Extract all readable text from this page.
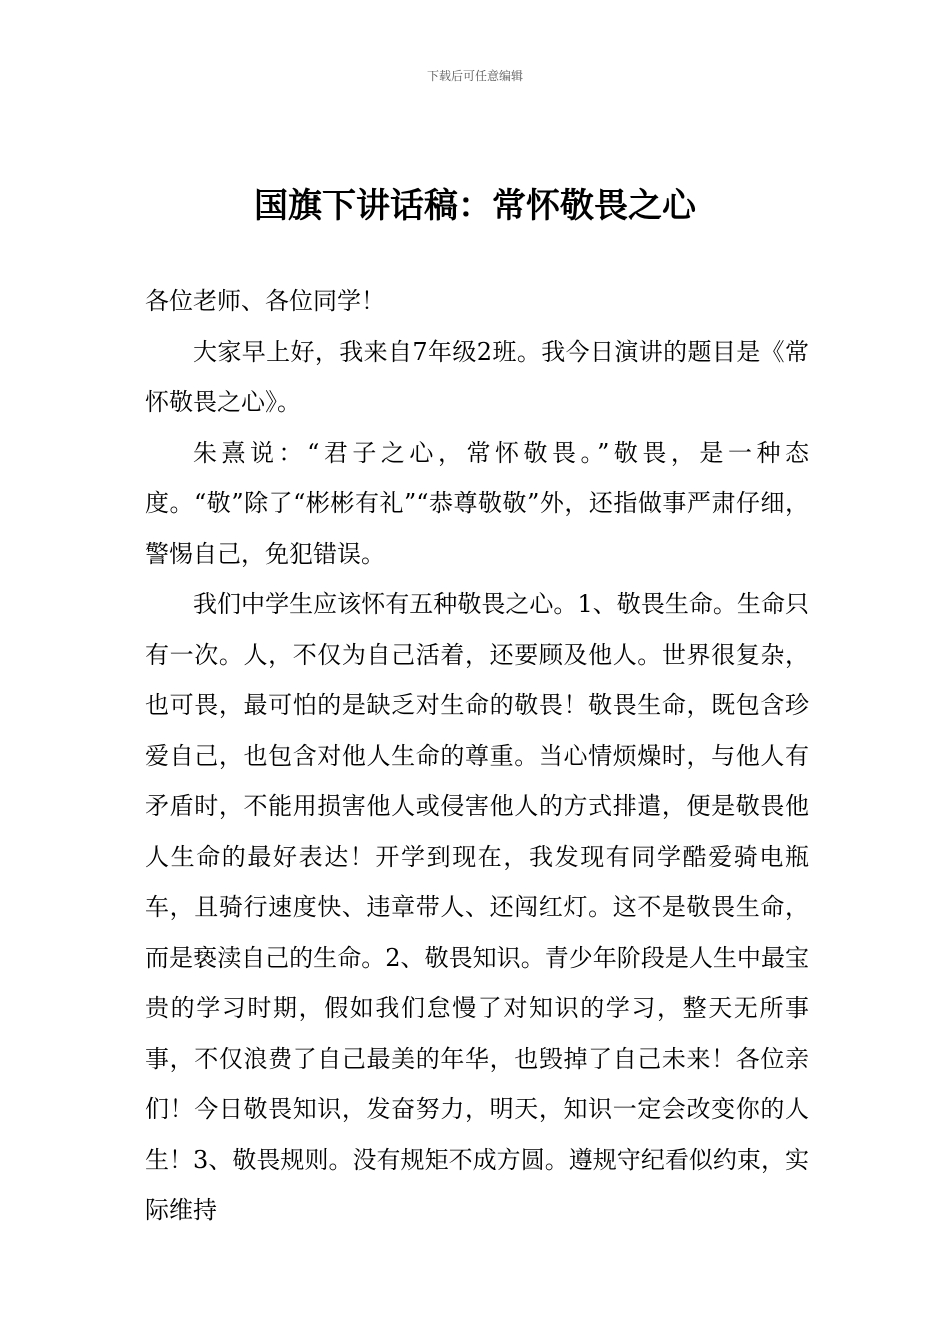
下载后可任意编辑
国旗下讲话稿：常怀敬畏之心

各位老师、各位同学！

大家早上好，我来自7年级2班。我今日演讲的题目是《常怀敬畏之心》。

朱熹说：“君子之心，常怀敬畏。”敬畏，是一种态度。“敬”除了“彬彬有礼”“恭尊敬敬”外，还指做事严肃仔细，警惕自己，免犯错误。

我们中学生应该怀有五种敬畏之心。1、敬畏生命。生命只有一次。人，不仅为自己活着，还要顾及他人。世界很复杂，也可畏，最可怕的是缺乏对生命的敬畏！敬畏生命，既包含珍爱自己，也包含对他人生命的尊重。当心情烦燥时，与他人有矛盾时，不能用损害他人或侵害他人的方式排遣，便是敬畏他人生命的最好表达！开学到现在，我发现有同学酷爱骑电瓶车，且骑行速度快、违章带人、还闯红灯。这不是敬畏生命，而是亵渎自己的生命。2、敬畏知识。青少年阶段是人生中最宝贵的学习时期，假如我们怠慢了对知识的学习，整天无所事事，不仅浪费了自己最美的年华，也毁掉了自己未来！各位亲们！今日敬畏知识，发奋努力，明天，知识一定会改变你的人生！3、敬畏规则。没有规矩不成方圆。遵规守纪看似约束，实际维持
